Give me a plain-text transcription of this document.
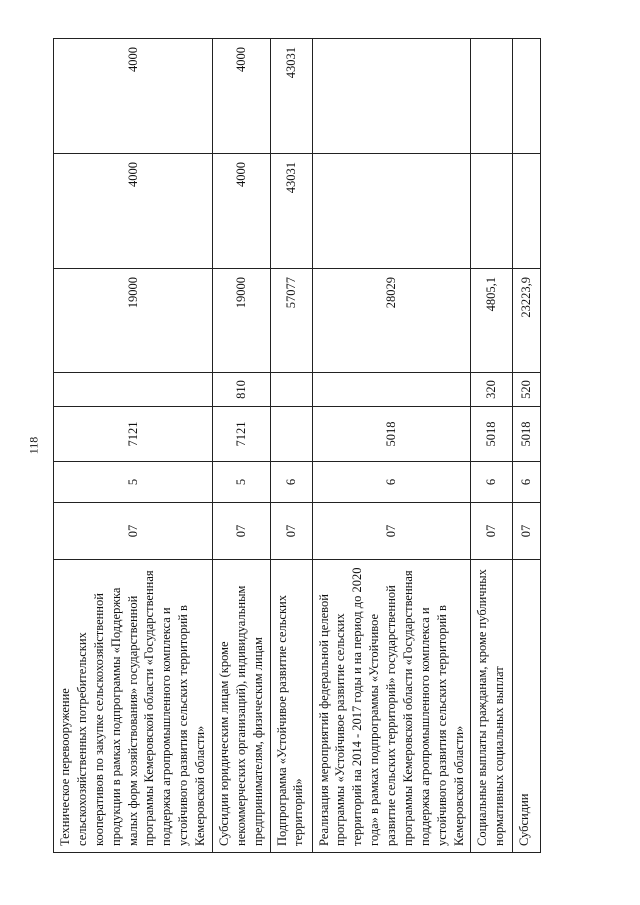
118
Техническое перевооружение сельскохозяйственных потребительских кооперативов по закупке сельскохозяйственной продукции в рамках подпрограммы «Поддержка малых форм хозяйствования» государственной программы Кемеровской области «Государственная поддержка агропромышленного комплекса и устойчивого развития сельских территорий в Кемеровской области»	07	5	7121		19000	4000	4000
Субсидии юридическим лицам (кроме некоммерческих организаций), индивидуальным предпринимателям, физическим лицам	07	5	7121	810	19000	4000	4000
Подпрограмма «Устойчивое развитие сельских территорий»	07	6			57077	43031	43031
Реализация мероприятий федеральной целевой программы «Устойчивое развитие сельских территорий на 2014 - 2017 годы и на период до 2020 года» в рамках подпрограммы «Устойчивое развитие сельских территорий» государственной программы Кемеровской области «Государственная поддержка агропромышленного комплекса и устойчивого развития сельских территорий в Кемеровской области»	07	6	5018		28029		
Социальные выплаты гражданам, кроме публичных нормативных социальных выплат	07	6	5018	320	4805,1		
Субсидии	07	6	5018	520	23223,9		
